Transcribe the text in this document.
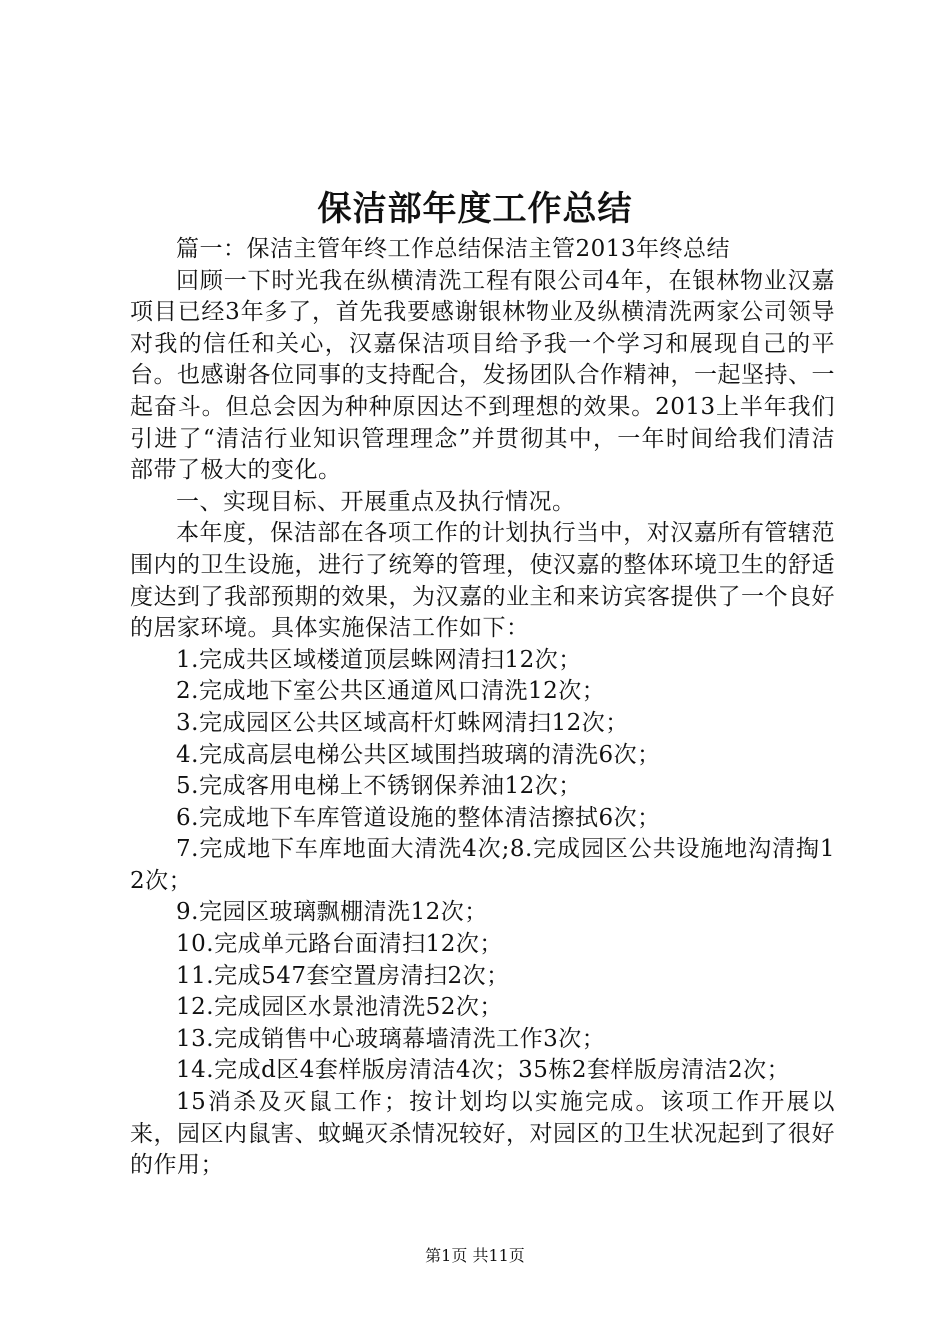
保洁部年度工作总结

篇一：保洁主管年终工作总结保洁主管2013年终总结

回顾一下时光我在纵横清洗工程有限公司4年，在银林物业汉嘉项目已经3年多了，首先我要感谢银林物业及纵横清洗两家公司领导对我的信任和关心，汉嘉保洁项目给予我一个学习和展现自己的平台。也感谢各位同事的支持配合，发扬团队合作精神，一起坚持、一起奋斗。但总会因为种种原因达不到理想的效果。2013上半年我们引进了“清洁行业知识管理理念”并贯彻其中，一年时间给我们清洁部带了极大的变化。

一、实现目标、开展重点及执行情况。

本年度，保洁部在各项工作的计划执行当中，对汉嘉所有管辖范围内的卫生设施，进行了统筹的管理，使汉嘉的整体环境卫生的舒适度达到了我部预期的效果，为汉嘉的业主和来访宾客提供了一个良好的居家环境。具体实施保洁工作如下：

1.完成共区域楼道顶层蛛网清扫12次；

2.完成地下室公共区通道风口清洗12次；

3.完成园区公共区域高杆灯蛛网清扫12次；

4.完成高层电梯公共区域围挡玻璃的清洗6次；

5.完成客用电梯上不锈钢保养油12次；

6.完成地下车库管道设施的整体清洁擦拭6次；

7.完成地下车库地面大清洗4次;8.完成园区公共设施地沟清掏12次；

9.完园区玻璃飘棚清洗12次；

10.完成单元路台面清扫12次；

11.完成547套空置房清扫2次；

12.完成园区水景池清洗52次；

13.完成销售中心玻璃幕墙清洗工作3次；

14.完成d区4套样版房清洁4次；35栋2套样版房清洁2次；

15消杀及灭鼠工作；按计划均以实施完成。该项工作开展以来，园区内鼠害、蚊蝇灭杀情况较好，对园区的卫生状况起到了很好的作用；

第1页 共11页
